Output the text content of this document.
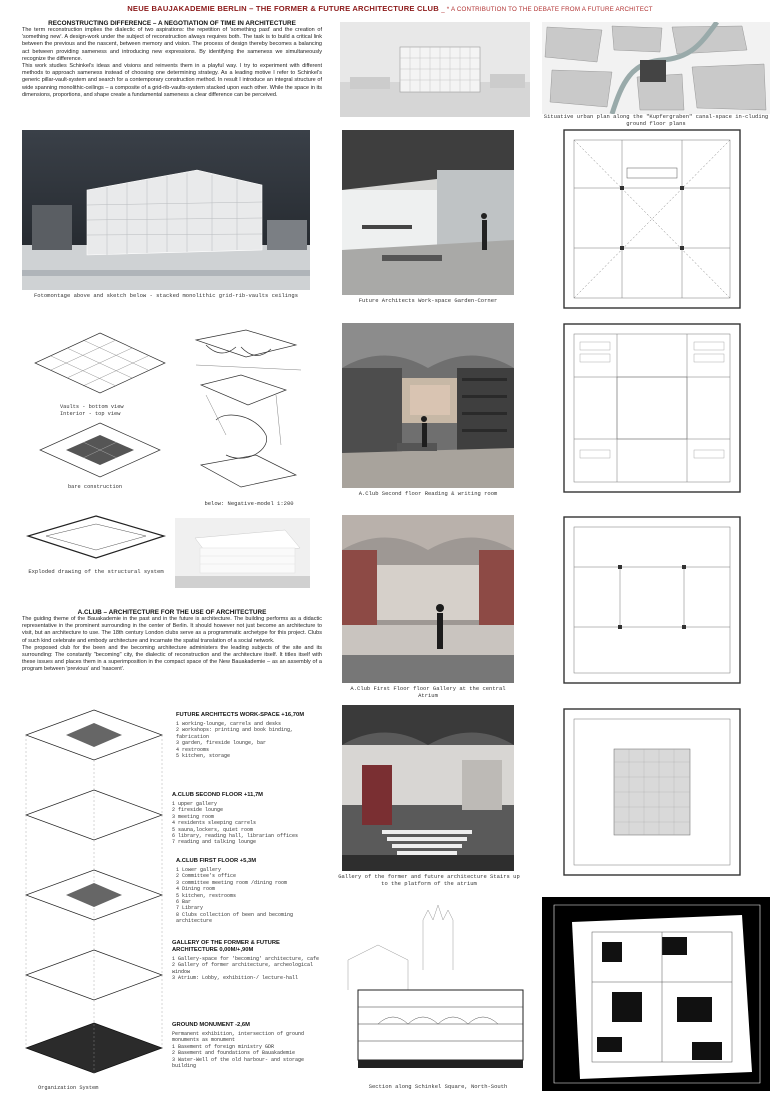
NEUE BAUJAKADEMIE BERLIN – THE FORMER & FUTURE ARCHITECTURE CLUB _ * A CONTRIBUTION TO THE DEBATE FROM A FUTURE ARCHITECT
RECONSTRUCTING DIFFERENCE – A NEGOTIATION OF TIME IN ARCHITECTURE

The term reconstruction implies the dialectic of two aspirations: the repetition of 'something past' and the creation of 'something new'. A design-work under the subject of reconstruction always requires both. The task is to build a critical link between the previous and the nascent, between memory and vision. The process of design thereby becomes a balancing act between providing sameness and introducing new expressions. By identifying the sameness we simultaneously recognize the difference.

This work studies Schinkel's ideas and visions and reinvents them in a playful way. I try to experiment with different methods to approach sameness instead of choosing one determining strategy. As a leading motive I refer to Schinkel's generic pillar-vault-system and search for a contemporary construction method. In result I introduce an integral structure of wide spanning monolithic-ceilings – a composite of a grid-rib-vaults-system stacked upon each other. While the space in its dimensions, proportions, and shape create a fundamental sameness a clear difference can be perceived.

Situative urban plan along the "Kupfergraben" canal-space in-cluding ground floor plans
Fotomontage above and sketch below - stacked monolithic grid-rib-vaults ceilings
Future Architects Work-space Garden-Corner
Vaults - bottom view
Interior - top view
bare construction
below: Negative-model 1:200
A.Club Second floor Reading & writing room
Exploded drawing of the structural system
A.CLUB – ARCHITECTURE FOR THE USE OF ARCHITECTURE

The guiding theme of the Bauakademie in the past and in the future is architecture. The building performs as a didactic representative in the prominent surrounding in the center of Berlin. It should however not just become an architecture to visit, but an architecture to use. The 18th century London clubs serve as a programmatic archetype for this project. Clubs of such kind celebrate and embody architecture and incarnate the spatial translation of a social network.

The proposed club for the been and the becoming architecture administers the leading subjects of the site and its surrounding: The constantly "becoming" city, the dialectic of reconstruction and the architecture itself. It titles itself with these issues and places them in a superimposition in the compact space of the New Bauakademie – as an assembly of a program between 'previous' and 'nascent'.

A.Club First Floor floor Gallery at the central Atrium
Organization System
FUTURE ARCHITECTS WORK-SPACE +16,70M
1 working-lounge, carrels and desks
2 workshops: printing and book binding, fabrication
3 garden, fireside lounge, bar
4 restrooms
5 kitchen, storage
A.CLUB SECOND FLOOR +11,7M
1 upper gallery
2 fireside lounge
3 meeting room
4 residents sleeping carrels
5 sauna,lockers, quiet room
6 library, reading hall, librarian offices
7 reading and talking lounge
A.CLUB FIRST FLOOR +5,3M
1 Lower gallery
2 Committee's office
3 committee meeting room /dining room
4 Dining room
5 kitchen, restrooms
6 Bar
7 Library
8 Clubs collection of been and becoming architecture
GALLERY OF THE FORMER & FUTURE ARCHITECTURE 0,00M/+,90M
1 Gallery-space for 'becoming' architecture, cafe
2 Gallery of former architecture, archeological window
3 Atrium: Lobby, exhibition-/ lecture-hall
GROUND MONUMENT -2,6M
Permanent exhibition, intersection of ground monuments as monument
1 Basement of foreign ministry GDR
2 Basement and foundations of Bauakademie
3 Water-Well of the old harbour- and storage building
Gallery of the former and future architecture Stairs up to the platform of the atrium
Section along Schinkel Square, North-South
